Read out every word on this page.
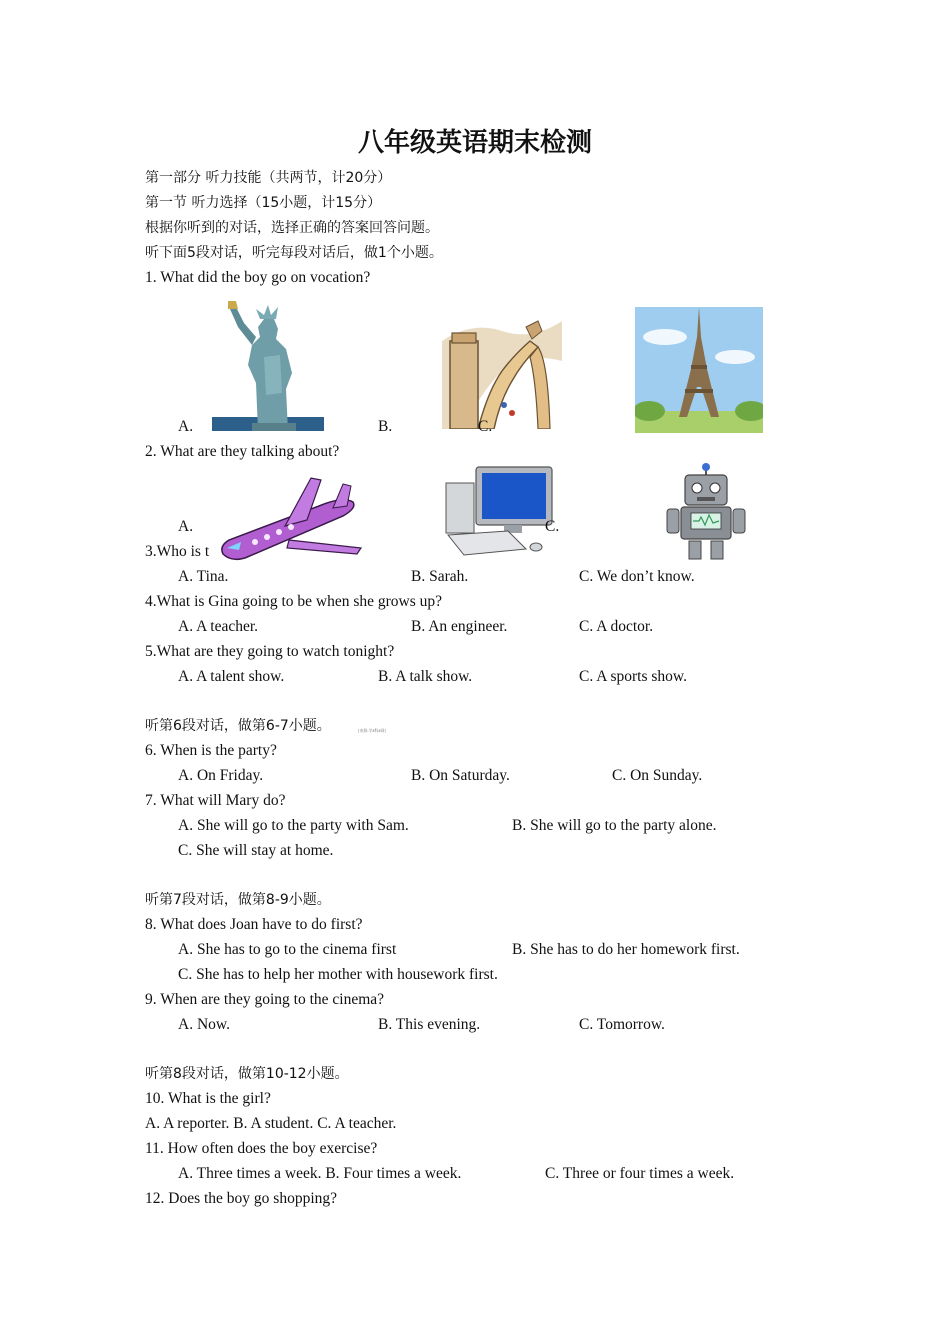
八年级英语期末检测
第一部分 听力技能（共两节，计20分）
第一节 听力选择（15小题，计15分）
根据你听到的对话，选择正确的答案回答问题。
听下面5段对话，听完每段对话后，做1个小题。
1. What did the boy go on vocation?
A.	B.	C.
2. What are they talking about?
A.	C.
3.Who is t
A. Tina.	B. Sarah.	C. We don’t know.
4.What is Gina going to be when she grows up?
A. A teacher.	B. An engineer.	C. A doctor.
5.What are they going to watch tonight?
A. A talent show.	B. A talk show.	C. A sports show.
听第6段对话，做第6-7小题。	[来源:学#科#网]
6. When is the party?
A. On Friday.	B. On Saturday.	C. On Sunday.
7. What will Mary do?
A. She will go to the party with Sam.	B. She will go to the party alone.
C. She will stay at home.
听第7段对话，做第8-9小题。
8. What does Joan have to do first?
A. She has to go to the cinema first	B. She has to do her homework first.
C. She has to help her mother with housework first.
9. When are they going to the cinema?
A. Now.	B. This evening.	C. Tomorrow.
听第8段对话，做第10-12小题。
10. What is the girl?
A. A reporter. B. A student. C. A teacher.
11. How often does the boy exercise?
A. Three times a week. B. Four times a week.	C. Three or four times a week.
12. Does the boy go shopping?
